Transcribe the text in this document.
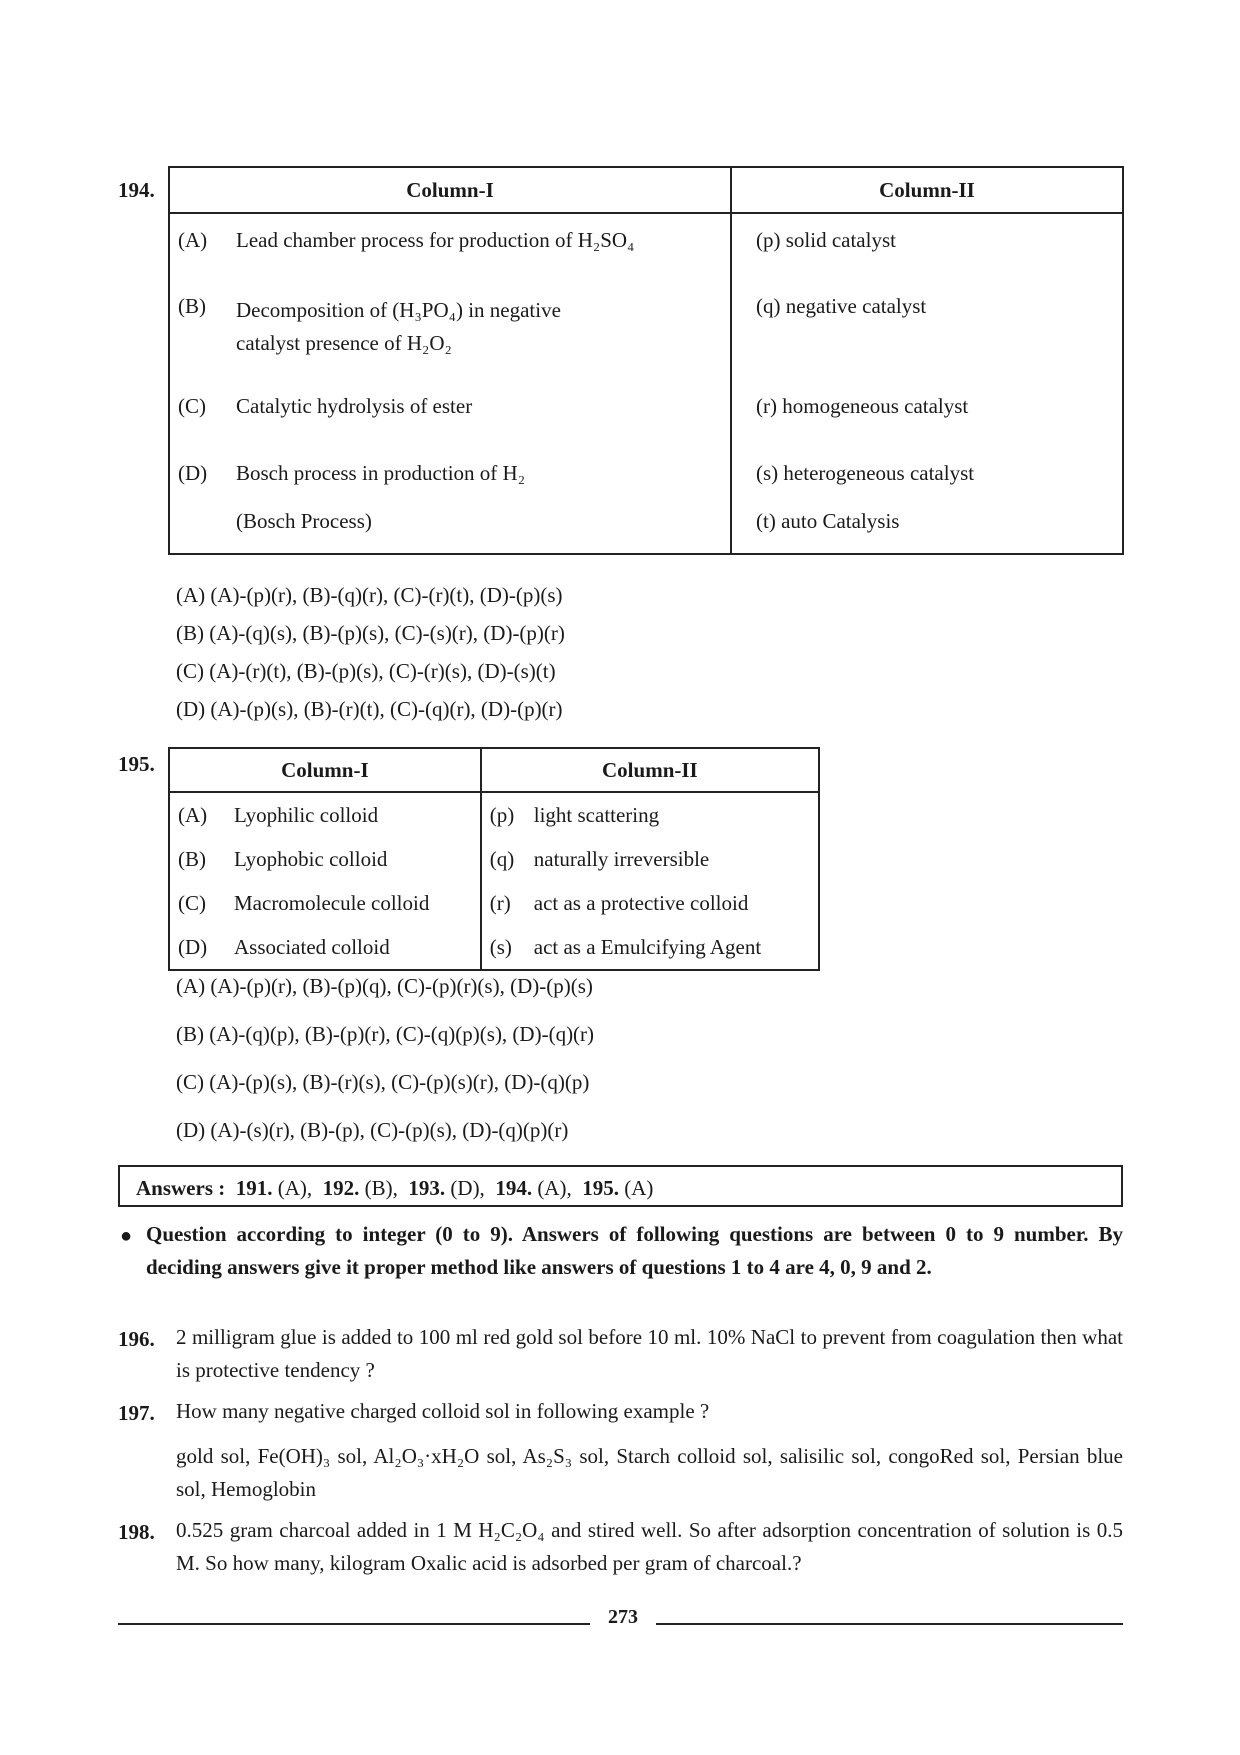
194.	Column-I	Column-II

(A) Lead chamber process for production of H₂SO₄	(p) solid catalyst

(B) Decomposition of (H₃PO₄) in negative catalyst presence of H₂O₂	(q) negative catalyst

(C) Catalytic hydrolysis of ester	(r) homogeneous catalyst

(D) Bosch process in production of H₂	(s) heterogeneous catalyst

(Bosch Process)	(t) auto Catalysis
(A) (A)-(p)(r), (B)-(q)(r), (C)-(r)(t), (D)-(p)(s)
(B) (A)-(q)(s), (B)-(p)(s), (C)-(s)(r), (D)-(p)(r)
(C) (A)-(r)(t), (B)-(p)(s), (C)-(r)(s), (D)-(s)(t)
(D) (A)-(p)(s), (B)-(r)(t), (C)-(q)(r), (D)-(p)(r)
195.	Column-I		Column-II	
(A)	Lyophilic colloid	(p)	light scattering
(B)	Lyophobic colloid	(q)	naturally irreversible
(C)	Macromolecule colloid	(r)	act as a protective colloid
(D)	Associated colloid	(s)	act as a Emulcifying Agent
(A) (A)-(p)(r), (B)-(p)(q), (C)-(p)(r)(s), (D)-(p)(s)
(B) (A)-(q)(p), (B)-(p)(r), (C)-(q)(p)(s), (D)-(q)(r)
(C) (A)-(p)(s), (B)-(r)(s), (C)-(p)(s)(r), (D)-(q)(p)
(D) (A)-(s)(r), (B)-(p), (C)-(p)(s), (D)-(q)(p)(r)
Answers : 191. (A), 192. (B), 193. (D), 194. (A), 195. (A)
● Question according to integer (0 to 9). Answers of following questions are between 0 to 9 number. By deciding answers give it proper method like answers of questions 1 to 4 are 4, 0, 9 and 2.
196. 2 milligram glue is added to 100 ml red gold sol before 10 ml. 10% NaCl to prevent from coagulation then what is protective tendency ?
197. How many negative charged colloid sol in following example ?
gold sol, Fe(OH)₃ sol, Al₂O₃·xH₂O sol, As₂S₃ sol, Starch colloid sol, salisilic sol, congoRed sol, Persian blue sol, Hemoglobin
198. 0.525 gram charcoal added in 1 M H₂C₂O₄ and stired well. So after adsorption concentration of solution is 0.5 M. So how many, kilogram Oxalic acid is adsorbed per gram of charcoal.?
273
